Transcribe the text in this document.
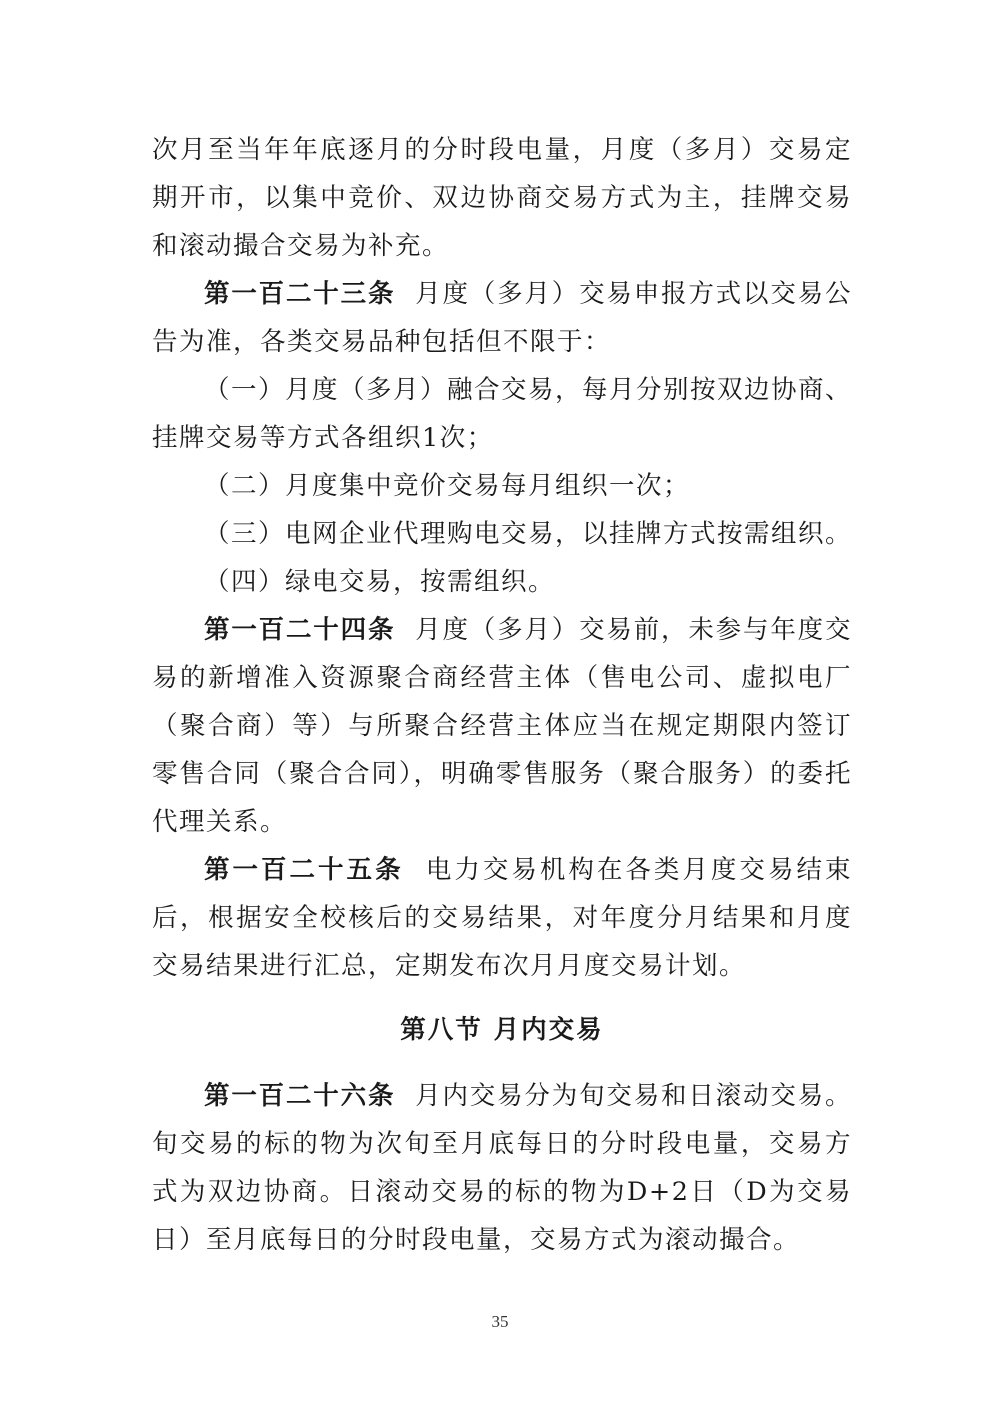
次月至当年年底逐月的分时段电量，月度（多月）交易定期开市，以集中竞价、双边协商交易方式为主，挂牌交易和滚动撮合交易为补充。

第一百二十三条 月度（多月）交易申报方式以交易公告为准，各类交易品种包括但不限于：

（一）月度（多月）融合交易，每月分别按双边协商、挂牌交易等方式各组织1次；

（二）月度集中竞价交易每月组织一次；

（三）电网企业代理购电交易，以挂牌方式按需组织。

（四）绿电交易，按需组织。

第一百二十四条 月度（多月）交易前，未参与年度交易的新增准入资源聚合商经营主体（售电公司、虚拟电厂（聚合商）等）与所聚合经营主体应当在规定期限内签订零售合同（聚合合同），明确零售服务（聚合服务）的委托代理关系。

第一百二十五条 电力交易机构在各类月度交易结束后，根据安全校核后的交易结果，对年度分月结果和月度交易结果进行汇总，定期发布次月月度交易计划。

第八节 月内交易

第一百二十六条 月内交易分为旬交易和日滚动交易。旬交易的标的物为次旬至月底每日的分时段电量，交易方式为双边协商。日滚动交易的标的物为D+2日（D为交易日）至月底每日的分时段电量，交易方式为滚动撮合。

35
